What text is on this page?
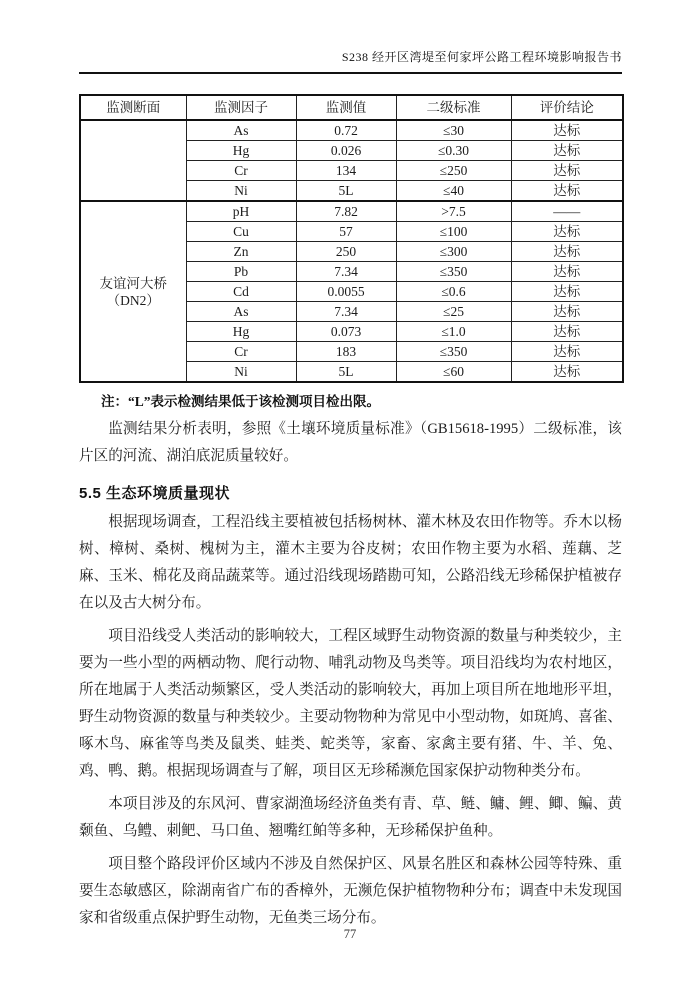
S238 经开区湾堤至何家坪公路工程环境影响报告书
监测断面	监测因子	监测值	二级标准	评价结论
	As	0.72	≤30	达标
	Hg	0.026	≤0.30	达标
	Cr	134	≤250	达标
	Ni	5L	≤40	达标
友谊河大桥 （DN2）	pH	7.82	>7.5	——
	Cu	57	≤100	达标
	Zn	250	≤300	达标
	Pb	7.34	≤350	达标
	Cd	0.0055	≤0.6	达标
	As	7.34	≤25	达标
	Hg	0.073	≤1.0	达标
	Cr	183	≤350	达标
	Ni	5L	≤60	达标
注：“L”表示检测结果低于该检测项目检出限。

监测结果分析表明，参照《土壤环境质量标准》（GB15618-1995）二级标准，该片区的河流、湖泊底泥质量较好。

5.5 生态环境质量现状

根据现场调查，工程沿线主要植被包括杨树林、灌木林及农田作物等。乔木以杨树、樟树、桑树、槐树为主，灌木主要为谷皮树；农田作物主要为水稻、莲藕、芝麻、玉米、棉花及商品蔬菜等。通过沿线现场踏勘可知，公路沿线无珍稀保护植被存在以及古大树分布。

项目沿线受人类活动的影响较大，工程区域野生动物资源的数量与种类较少，主要为一些小型的两栖动物、爬行动物、哺乳动物及鸟类等。项目沿线均为农村地区，所在地属于人类活动频繁区，受人类活动的影响较大，再加上项目所在地地形平坦，野生动物资源的数量与种类较少。主要动物物种为常见中小型动物，如斑鸠、喜雀、啄木鸟、麻雀等鸟类及鼠类、蛙类、蛇类等，家畜、家禽主要有猪、牛、羊、兔、鸡、鸭、鹅。根据现场调查与了解，项目区无珍稀濒危国家保护动物种类分布。

本项目涉及的东风河、曹家湖渔场经济鱼类有青、草、鲢、鳙、鲤、鲫、鳊、黄颡鱼、乌鳢、刺鲃、马口鱼、翘嘴红鲌等多种，无珍稀保护鱼种。

项目整个路段评价区域内不涉及自然保护区、风景名胜区和森林公园等特殊、重要生态敏感区，除湖南省广布的香樟外，无濒危保护植物物种分布；调查中未发现国家和省级重点保护野生动物，无鱼类三场分布。

77
